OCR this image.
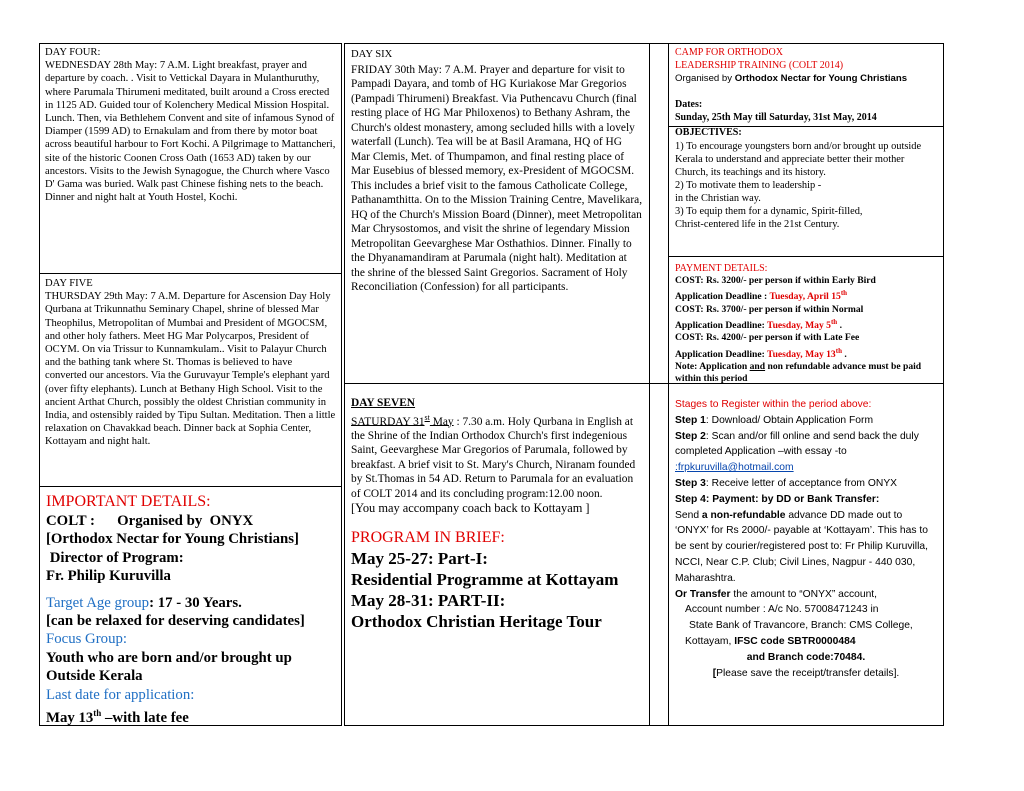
DAY FOUR:

WEDNESDAY 28th May: 7 A.M. Light breakfast, prayer and departure by coach. . Visit to Vettickal Dayara in Mulanthuruthy, where Parumala Thirumeni meditated, built around a Cross erected in 1125 AD. Guided tour of Kolenchery Medical Mission Hospital. Lunch. Then, via Bethlehem Convent and site of infamous Synod of Diamper (1599 AD) to Ernakulam and from there by motor boat across beautiful harbour to Fort Kochi. A Pilgrimage to Mattancheri, site of the historic Coonen Cross Oath (1653 AD) taken by our ancestors. Visits to the Jewish Synagogue, the Church where Vasco D' Gama was buried. Walk past Chinese fishing nets to the beach. Dinner and night halt at Youth Hostel, Kochi.

DAY FIVE

THURSDAY 29th May: 7 A.M. Departure for Ascension Day Holy Qurbana at Trikunnathu Seminary Chapel, shrine of blessed Mar Theophilus, Metropolitan of Mumbai and President of MGOCSM, and other holy fathers. Meet HG Mar Polycarpos, President of OCYM. On via Trissur to Kunnamkulam.. Visit to Palayur Church and the bathing tank where St. Thomas is believed to have converted our ancestors. Via the Guruvayur Temple's elephant yard (over fifty elephants). Lunch at Bethany High School. Visit to the ancient Arthat Church, possibly the oldest Christian community in India, and ostensibly raided by Tipu Sultan. Meditation. Then a little relaxation on Chavakkad beach. Dinner back at Sophia Center, Kottayam and night halt.

IMPORTANT DETAILS:

COLT :      Organised by  ONYX

[Orthodox Nectar for Young Christians]

Director of Program:

Fr. Philip Kuruvilla

Target Age group: 17 - 30 Years.

[can be relaxed for deserving candidates]

Focus Group:

Youth who are born and/or brought up Outside Kerala

Last date for application:

May 13th –with late fee

DAY SIX

FRIDAY 30th May: 7 A.M. Prayer and departure for visit to Pampadi Dayara, and tomb of HG Kuriakose Mar Gregorios (Pampadi Thirumeni) Breakfast. Via Puthencavu Church (final resting place of HG Mar Philoxenos) to Bethany Ashram, the Church's oldest monastery, among secluded hills with a lovely waterfall (Lunch). Tea will be at Basil Aramana, HQ of HG Mar Clemis, Met. of Thumpamon, and final resting place of Mar Eusebius of blessed memory, ex-President of MGOCSM. This includes a brief visit to the famous Catholicate College, Pathanamthitta. On to the Mission Training Centre, Mavelikara, HQ of the Church's Mission Board (Dinner), meet Metropolitan Mar Chrysostomos, and visit the shrine of legendary Mission Metropolitan Geevarghese Mar Osthathios. Dinner. Finally to the Dhyanamandiram at Parumala (night halt). Meditation at the shrine of the blessed Saint Gregorios. Sacrament of Holy Reconciliation (Confession) for all participants.

DAY SEVEN

SATURDAY 31st May : 7.30 a.m. Holy Qurbana in English at the Shrine of the Indian Orthodox Church's first indegenious Saint, Geevarghese Mar Gregorios of Parumala, followed by breakfast. A brief visit to St. Mary's Church, Niranam founded by St.Thomas in 54 AD. Return to Parumala for an evaluation of COLT 2014 and its concluding program:12.00 noon.

[You may accompany coach back to Kottayam ]

PROGRAM IN BRIEF:

May 25-27: Part-I:

Residential Programme at Kottayam

May 28-31: PART-II:

Orthodox Christian Heritage Tour

CAMP FOR ORTHODOX

LEADERSHIP TRAINING (COLT 2014)

Organised by Orthodox Nectar for Young Christians

Dates:

Sunday, 25th May till Saturday, 31st May, 2014

OBJECTIVES:

1) To encourage youngsters born and/or brought up outside Kerala to understand and appreciate better their mother Church, its teachings and its history.

2) To motivate them to leadership -

in the Christian way.

3) To equip them for a dynamic, Spirit-filled,

Christ-centered life in the 21st Century.

PAYMENT DETAILS:

COST: Rs. 3200/- per person if within Early Bird

Application Deadline : Tuesday, April 15th

COST: Rs. 3700/- per person if within Normal

Application Deadline: Tuesday, May 5th .

COST: Rs. 4200/- per person if with Late Fee

Application Deadline: Tuesday, May 13th .

Note: Application and non refundable advance must be paid within this period

Stages to Register within the period above:

Step 1: Download/ Obtain Application Form

Step 2: Scan and/or fill online and send back the duly completed Application –with essay -to

:frpkuruvilla@hotmail.com

Step 3: Receive letter of acceptance from ONYX

Step 4: Payment: by DD or Bank Transfer:

Send a non-refundable advance DD made out to ‘ONYX’ for Rs 2000/- payable at ‘Kottayam’. This has to be sent by courier/registered post to: Fr Philip Kuruvilla, NCCI, Near C.P. Club; Civil Lines, Nagpur - 440 030, Maharashtra.

Or Transfer the amount to “ONYX” account,

Account number : A/c No. 57008471243 in

State Bank of Travancore, Branch: CMS College,

Kottayam, IFSC code SBTR0000484

and Branch code:70484.

[Please save the receipt/transfer details].
